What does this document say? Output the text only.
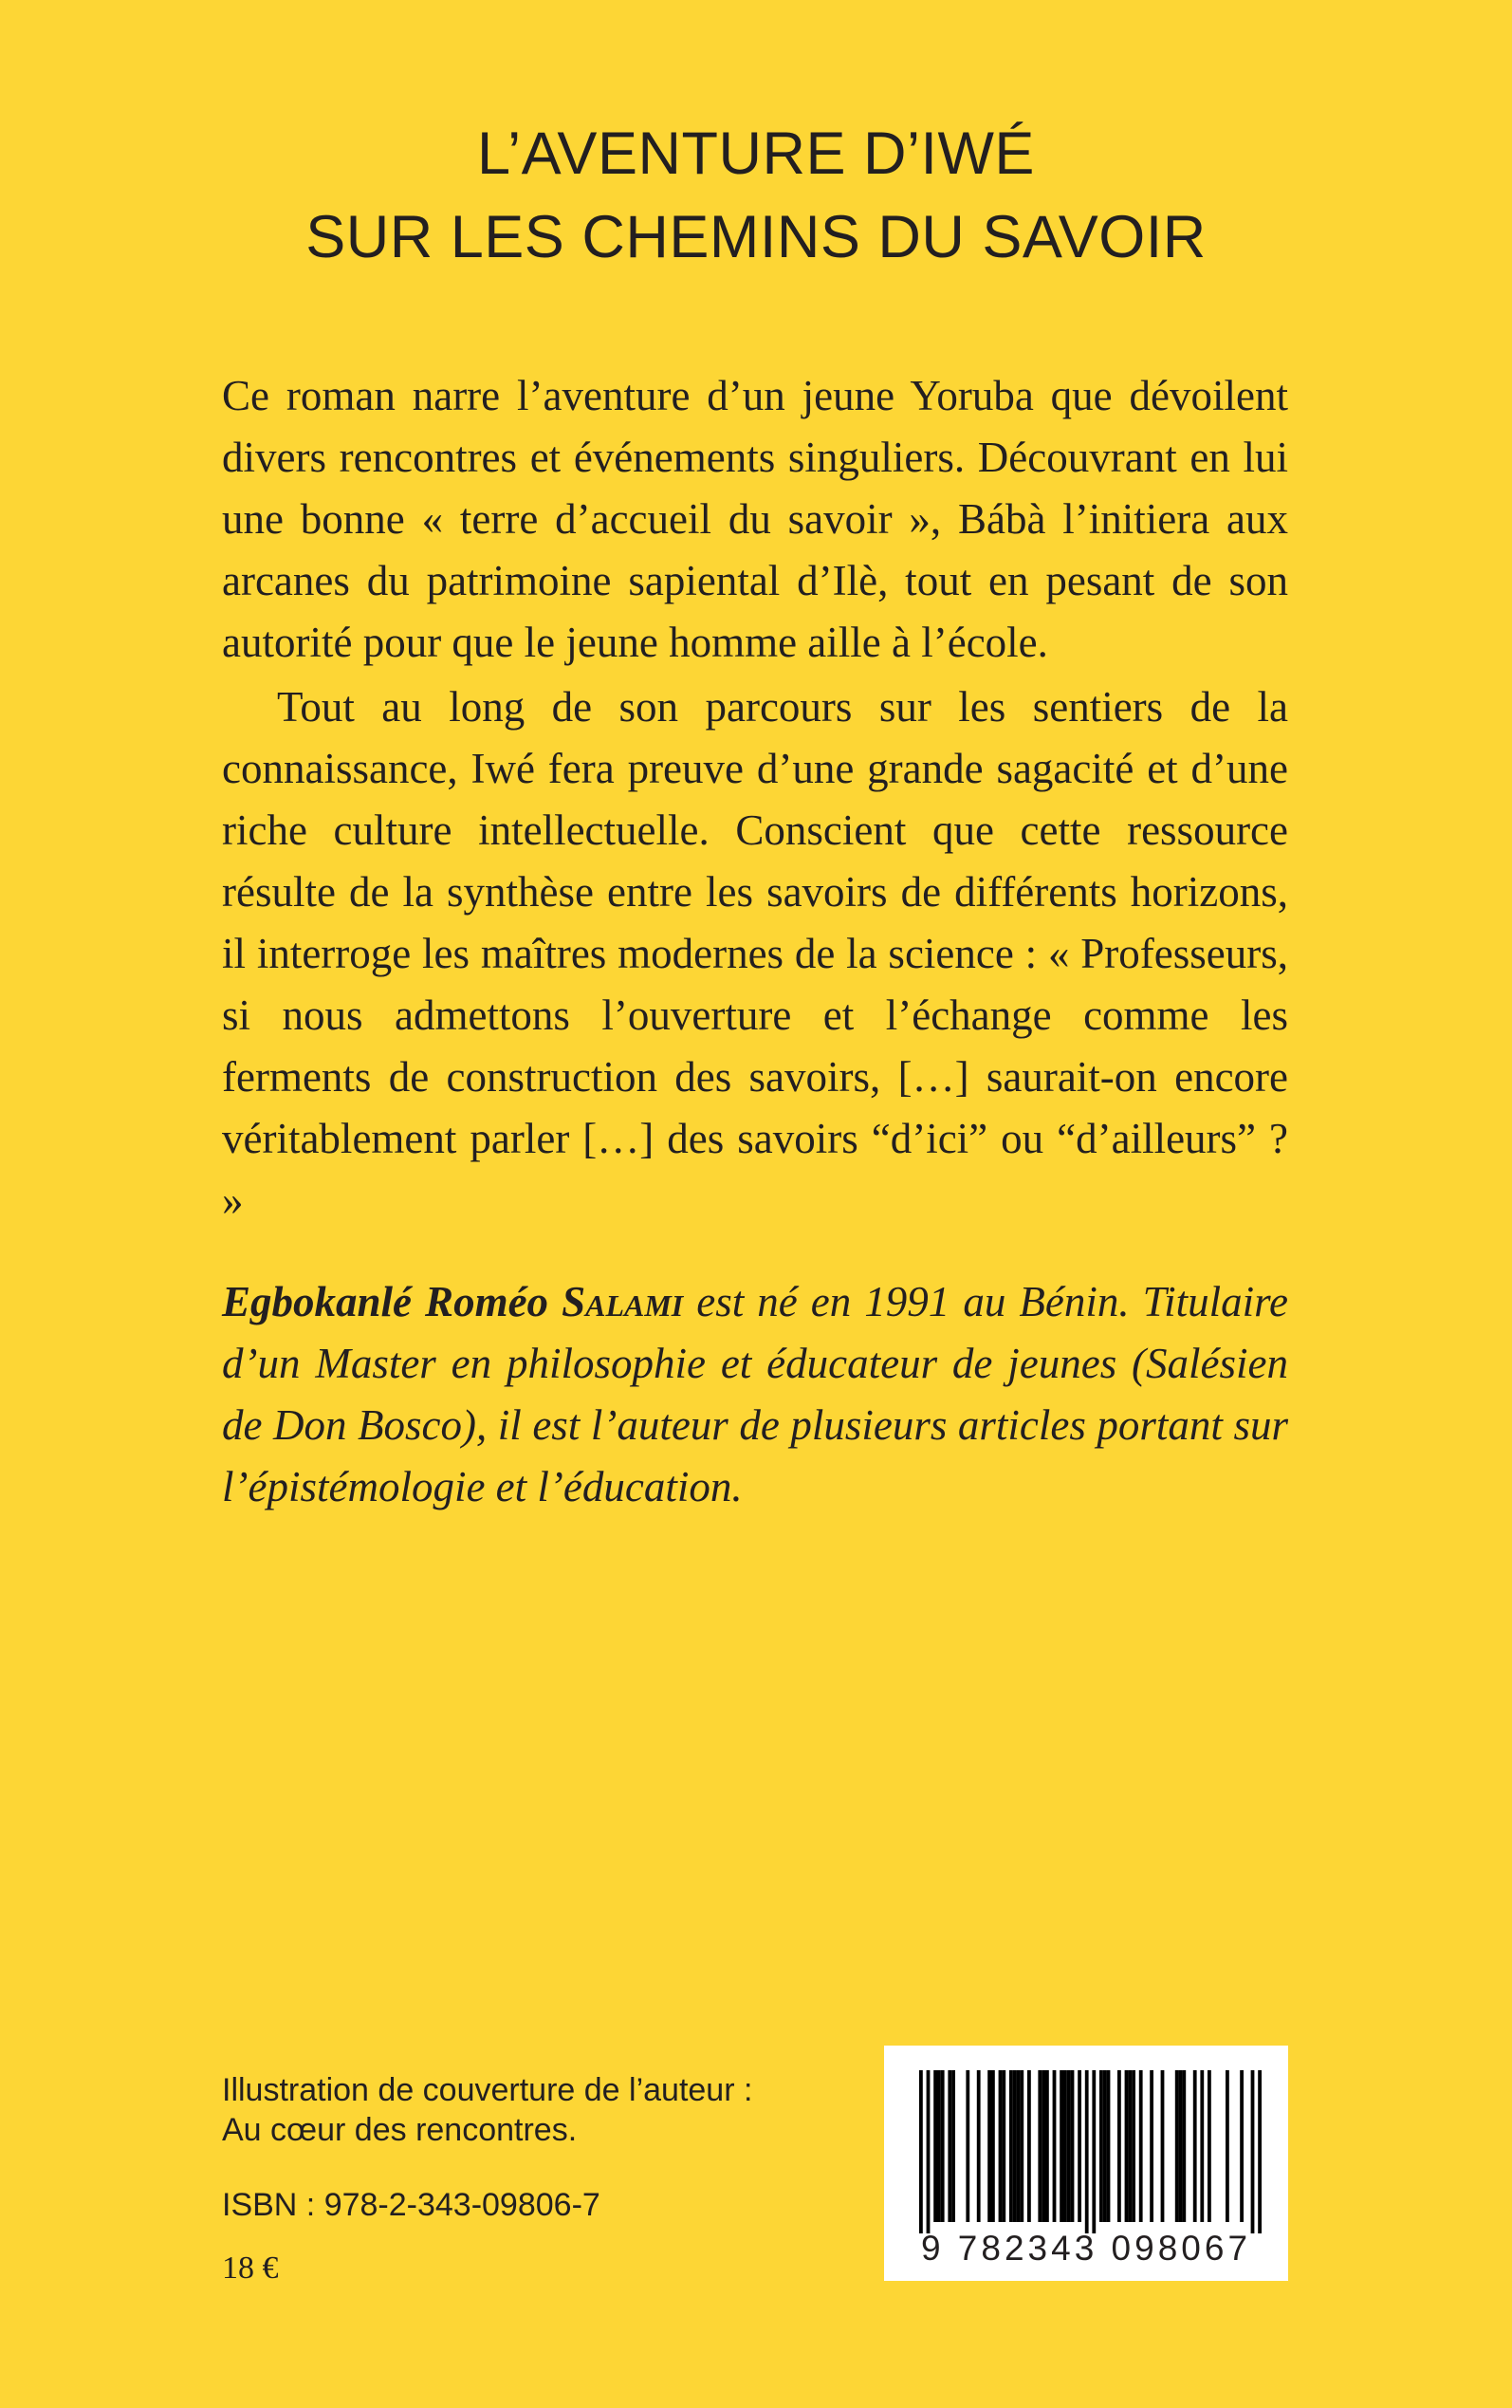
L’AVENTURE D’IWÉ
SUR LES CHEMINS DU SAVOIR

Ce roman narre l’aventure d’un jeune Yoruba que dévoilent divers rencontres et événements singuliers. Découvrant en lui une bonne « terre d’accueil du savoir », Bábà l’initiera aux arcanes du patrimoine sapiental d’Ilè, tout en pesant de son autorité pour que le jeune homme aille à l’école.

Tout au long de son parcours sur les sentiers de la connaissance, Iwé fera preuve d’une grande sagacité et d’une riche culture intellectuelle. Conscient que cette ressource résulte de la synthèse entre les savoirs de différents horizons, il interroge les maîtres modernes de la science : « Professeurs, si nous admettons l’ouverture et l’échange comme les ferments de construction des savoirs, […] saurait-on encore véritablement parler […] des savoirs “d’ici” ou “d’ailleurs” ? »

Egbokanlé Roméo Salami est né en 1991 au Bénin. Titulaire d’un Master en philosophie et éducateur de jeunes (Salésien de Don Bosco), il est l’auteur de plusieurs articles portant sur l’épistémologie et l’éducation.
Illustration de couverture de l’auteur :
Au cœur des rencontres.
ISBN : 978-2-343-09806-7
18 €
9 782343 098067
